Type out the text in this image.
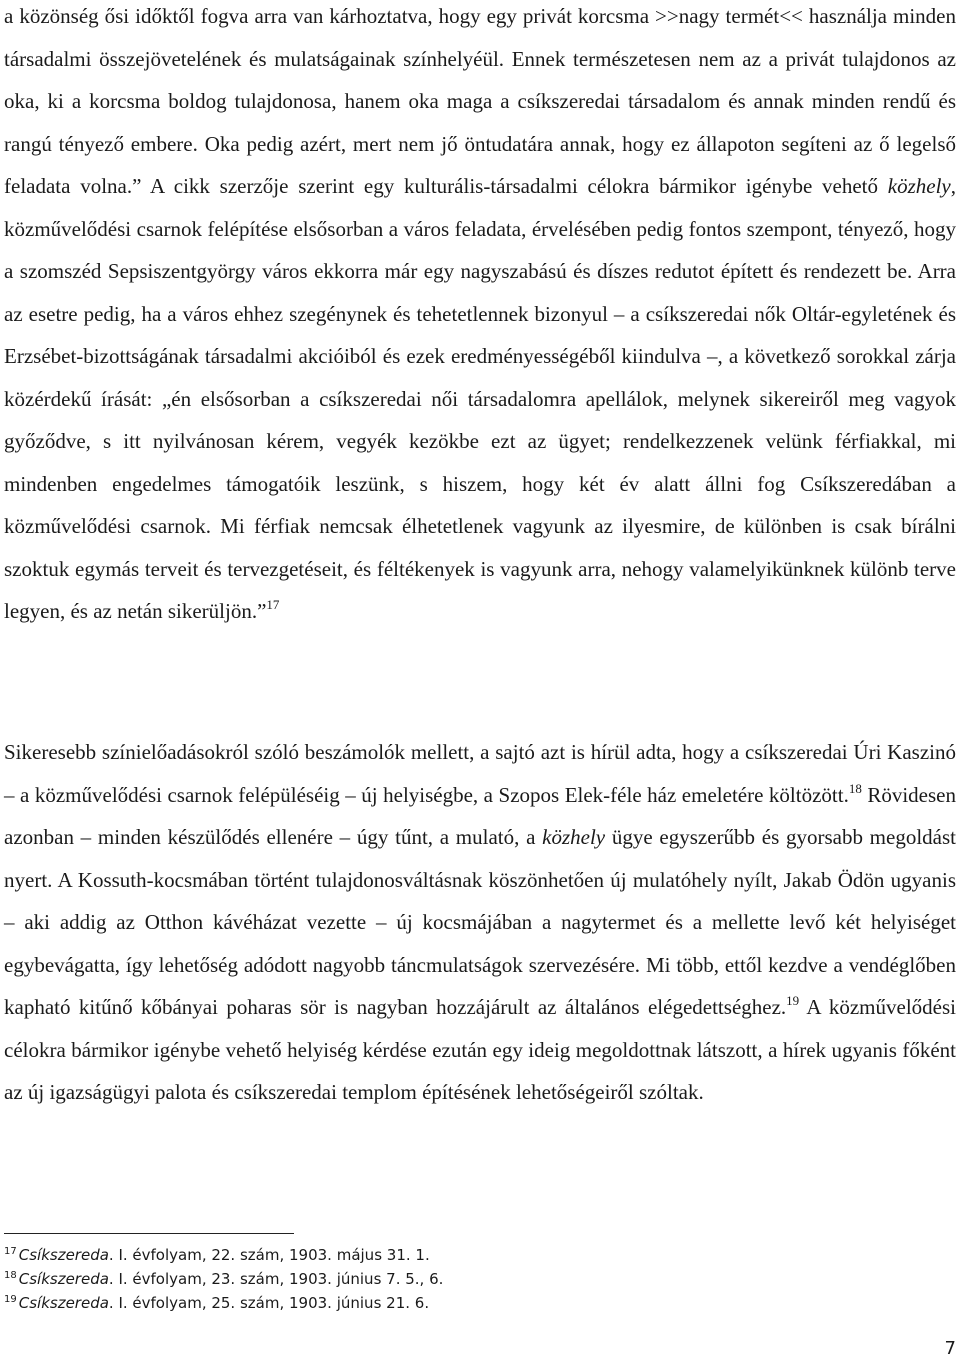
a közönség ősi időktől fogva arra van kárhoztatva, hogy egy privát korcsma >>nagy termét<< használja minden társadalmi összejövetelének és mulatságainak színhelyéül. Ennek természetesen nem az a privát tulajdonos az oka, ki a korcsma boldog tulajdonosa, hanem oka maga a csíkszeredai társadalom és annak minden rendű és rangú tényező embere. Oka pedig azért, mert nem jő öntudatára annak, hogy ez állapoton segíteni az ő legelső feladata volna.” A cikk szerzője szerint egy kulturális-társadalmi célokra bármikor igénybe vehető közhely, közművelődési csarnok felépítése elsősorban a város feladata, érvelésében pedig fontos szempont, tényező, hogy a szomszéd Sepsiszentgyörgy város ekkorra már egy nagyszabású és díszes redutot épített és rendezett be. Arra az esetre pedig, ha a város ehhez szegénynek és tehetetlennek bizonyul – a csíkszeredai nők Oltár-egyletének és Erzsébet-bizottságának társadalmi akcióiból és ezek eredményességéből kiindulva –, a következő sorokkal zárja közérdekű írását: „én elsősorban a csíkszeredai női társadalomra apellálok, melynek sikereiről meg vagyok győződve, s itt nyilvánosan kérem, vegyék kezökbe ezt az ügyet; rendelkezzenek velünk férfiakkal, mi mindenben engedelmes támogatóik leszünk, s hiszem, hogy két év alatt állni fog Csíkszeredában a közművelődési csarnok. Mi férfiak nemcsak élhetetlenek vagyunk az ilyesmire, de különben is csak bírálni szoktuk egymás terveit és tervezgetéseit, és féltékenyek is vagyunk arra, nehogy valamelyikünknek különb terve legyen, és az netán sikerüljön.”$^{17}$

Sikeresebb színielőadásokról szóló beszámolók mellett, a sajtó azt is hírül adta, hogy a csíkszeredai Úri Kaszinó – a közművelődési csarnok felépüléséig – új helyiségbe, a Szopos Elek-féle ház emeletére költözött.$^{18}$ Rövidesen azonban – minden készülődés ellenére – úgy tűnt, a mulató, a közhely ügye egyszerűbb és gyorsabb megoldást nyert. A Kossuth-kocsmában történt tulajdonosváltásnak köszönhetően új mulatóhely nyílt, Jakab Ödön ugyanis – aki addig az Otthon kávéházat vezette – új kocsmájában a nagytermet és a mellette levő két helyiséget egybevágatta, így lehetőség adódott nagyobb táncmulatságok szervezésére. Mi több, ettől kezdve a vendéglőben kapható kitűnő kőbányai poharas sör is nagyban hozzájárult az általános elégedettséghez.$^{19}$ A közművelődési célokra bármikor igénybe vehető helyiség kérdése ezután egy ideig megoldottnak látszott, a hírek ugyanis főként az új igazságügyi palota és csíkszeredai templom építésének lehetőségeiről szóltak.

$^{17}$ Csíkszereda. I. évfolyam, 22. szám, 1903. május 31. 1.
$^{18}$ Csíkszereda. I. évfolyam, 23. szám, 1903. június 7. 5., 6.
$^{19}$ Csíkszereda. I. évfolyam, 25. szám, 1903. június 21. 6.
7
